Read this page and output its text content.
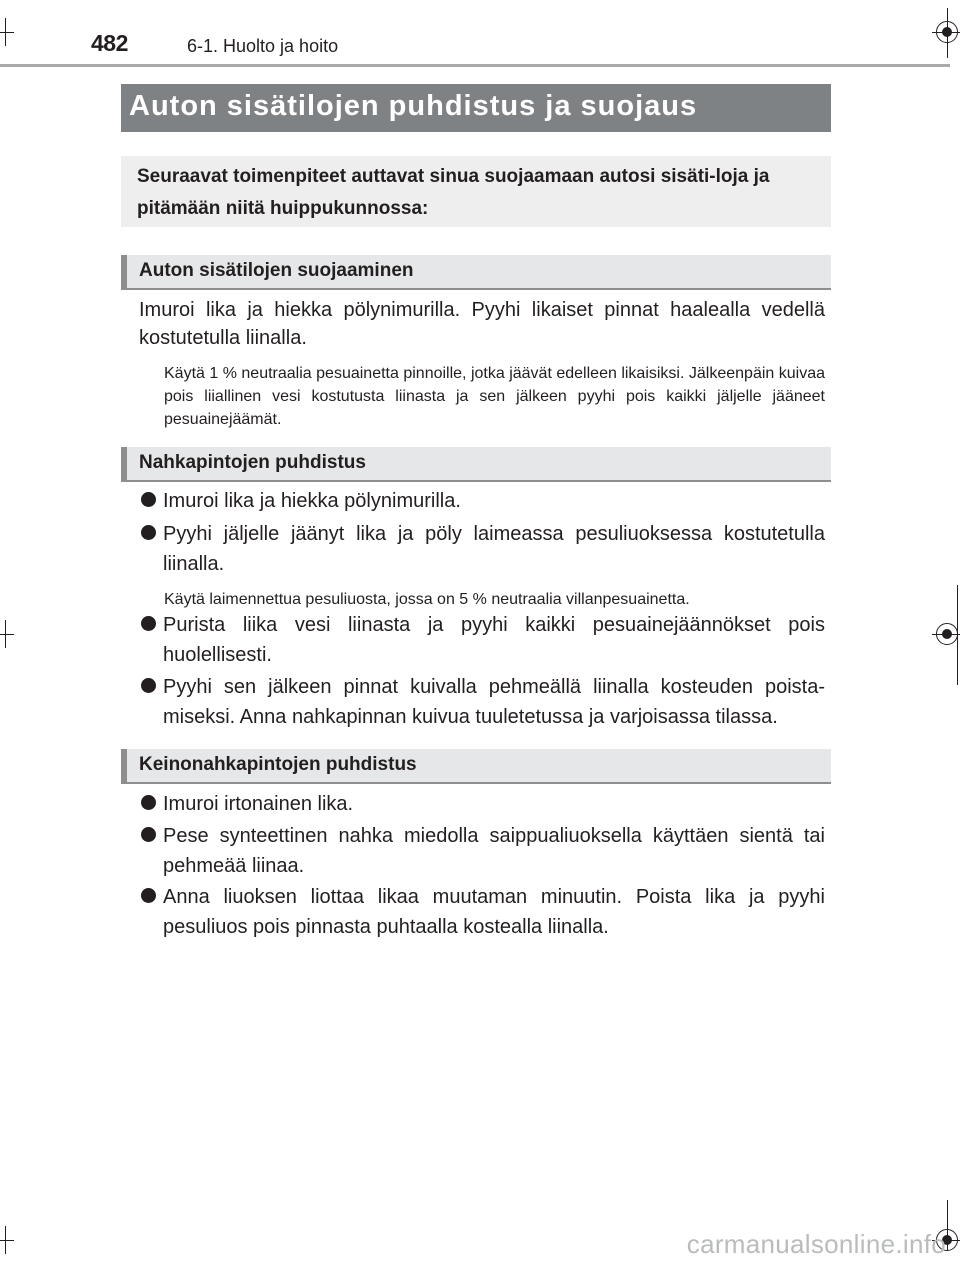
482	6-1. Huolto ja hoito
Auton sisätilojen puhdistus ja suojaus

Seuraavat toimenpiteet auttavat sinua suojaamaan autosi sisäti-loja ja pitämään niitä huippukunnossa:

Auton sisätilojen suojaaminen

Imuroi lika ja hiekka pölynimurilla. Pyyhi likaiset pinnat haalealla vedellä kostutetulla liinalla.

Käytä 1 % neutraalia pesuainetta pinnoille, jotka jäävät edelleen likaisiksi. Jälkeenpäin kuivaa pois liiallinen vesi kostutusta liinasta ja sen jälkeen pyyhi pois kaikki jäljelle jääneet pesuainejäämät.

Nahkapintojen puhdistus

Imuroi lika ja hiekka pölynimurilla.

Pyyhi jäljelle jäänyt lika ja pöly laimeassa pesuliuoksessa kostutetulla liinalla.

Käytä laimennettua pesuliuosta, jossa on 5 % neutraalia villanpesuainetta.

Purista liika vesi liinasta ja pyyhi kaikki pesuainejäännökset pois huolellisesti.

Pyyhi sen jälkeen pinnat kuivalla pehmeällä liinalla kosteuden poista-miseksi. Anna nahkapinnan kuivua tuuletetussa ja varjoisassa tilassa.

Keinonahkapintojen puhdistus

Imuroi irtonainen lika.

Pese synteettinen nahka miedolla saippualiuoksella käyttäen sientä tai pehmeää liinaa.

Anna liuoksen liottaa likaa muutaman minuutin. Poista lika ja pyyhi pesuliuos pois pinnasta puhtaalla kostealla liinalla.

carmanualsonline.info
